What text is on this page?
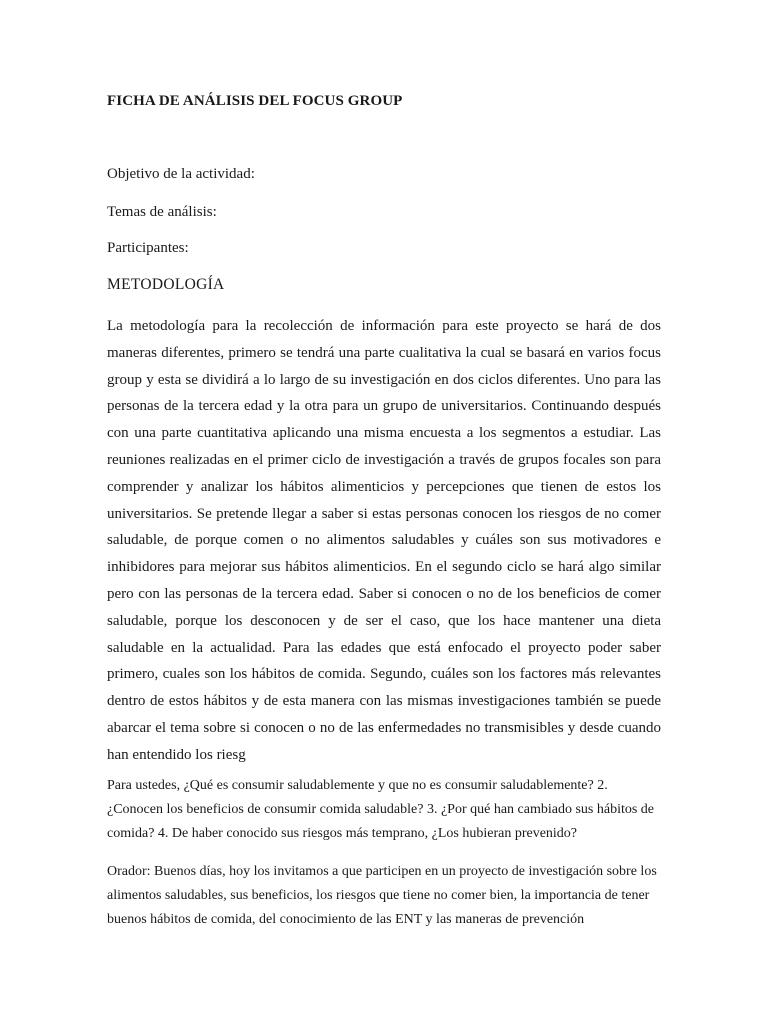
FICHA DE ANÁLISIS DEL FOCUS GROUP

Objetivo de la actividad:

Temas de análisis:

Participantes:

METODOLOGÍA

La metodología para la recolección de información para este proyecto se hará de dos maneras diferentes, primero se tendrá una parte cualitativa la cual se basará en varios focus group y esta se dividirá a lo largo de su investigación en dos ciclos diferentes. Uno para las personas de la tercera edad y la otra para un grupo de universitarios. Continuando después con una parte cuantitativa aplicando una misma encuesta a los segmentos a estudiar. Las reuniones realizadas en el primer ciclo de investigación a través de grupos focales son para comprender y analizar los hábitos alimenticios y percepciones que tienen de estos los universitarios. Se pretende llegar a saber si estas personas conocen los riesgos de no comer saludable, de porque comen o no alimentos saludables y cuáles son sus motivadores e inhibidores para mejorar sus hábitos alimenticios. En el segundo ciclo se hará algo similar pero con las personas de la tercera edad. Saber si conocen o no de los beneficios de comer saludable, porque los desconocen y de ser el caso, que los hace mantener una dieta saludable en la actualidad. Para las edades que está enfocado el proyecto poder saber primero, cuales son los hábitos de comida. Segundo, cuáles son los factores más relevantes dentro de estos hábitos y de esta manera con las mismas investigaciones también se puede abarcar el tema sobre si conocen o no de las enfermedades no transmisibles y desde cuando han entendido los riesg

Para ustedes, ¿Qué es consumir saludablemente y que no es consumir saludablemente? 2. ¿Conocen los beneficios de consumir comida saludable? 3. ¿Por qué han cambiado sus hábitos de comida? 4. De haber conocido sus riesgos más temprano, ¿Los hubieran prevenido?

Orador: Buenos días, hoy los invitamos a que participen en un proyecto de investigación sobre los alimentos saludables, sus beneficios, los riesgos que tiene no comer bien, la importancia de tener buenos hábitos de comida, del conocimiento de las ENT y las maneras de prevención
